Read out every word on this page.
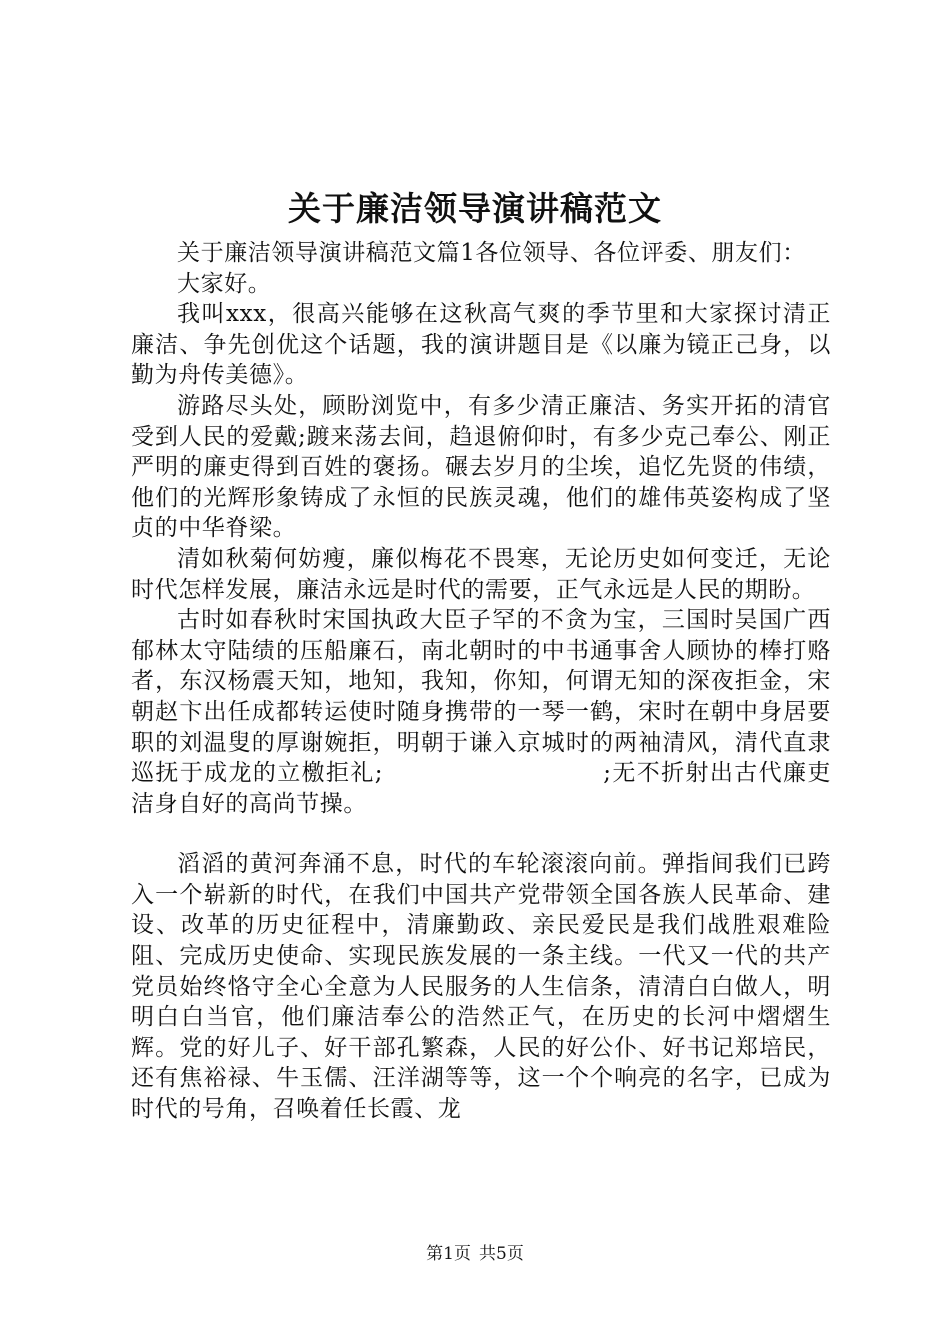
关于廉洁领导演讲稿范文

关于廉洁领导演讲稿范文篇1各位领导、各位评委、朋友们：

大家好。

我叫xxx，很高兴能够在这秋高气爽的季节里和大家探讨清正廉洁、争先创优这个话题，我的演讲题目是《以廉为镜正己身，以勤为舟传美德》。

游路尽头处，顾盼浏览中，有多少清正廉洁、务实开拓的清官受到人民的爱戴;踱来荡去间，趋退俯仰时，有多少克己奉公、刚正严明的廉吏得到百姓的褒扬。碾去岁月的尘埃，追忆先贤的伟绩，他们的光辉形象铸成了永恒的民族灵魂，他们的雄伟英姿构成了坚贞的中华脊梁。

清如秋菊何妨瘦，廉似梅花不畏寒，无论历史如何变迁，无论时代怎样发展，廉洁永远是时代的需要，正气永远是人民的期盼。

古时如春秋时宋国执政大臣子罕的不贪为宝，三国时吴国广西郁林太守陆绩的压船廉石，南北朝时的中书通事舍人顾协的棒打赂者，东汉杨震天知，地知，我知，你知，何谓无知的深夜拒金，宋朝赵卞出任成都转运使时随身携带的一琴一鹤，宋时在朝中身居要职的刘温叟的厚谢婉拒，明朝于谦入京城时的两袖清风，清代直隶巡抚于成龙的立檄拒礼;　　　　　　　　　;无不折射出古代廉吏洁身自好的高尚节操。

滔滔的黄河奔涌不息，时代的车轮滚滚向前。弹指间我们已跨入一个崭新的时代，在我们中国共产党带领全国各族人民革命、建设、改革的历史征程中，清廉勤政、亲民爱民是我们战胜艰难险阻、完成历史使命、实现民族发展的一条主线。一代又一代的共产党员始终恪守全心全意为人民服务的人生信条，清清白白做人，明明白白当官，他们廉洁奉公的浩然正气，在历史的长河中熠熠生辉。党的好儿子、好干部孔繁森，人民的好公仆、好书记郑培民，还有焦裕禄、牛玉儒、汪洋湖等等，这一个个响亮的名字，已成为时代的号角，召唤着任长霞、龙

第1页 共5页
